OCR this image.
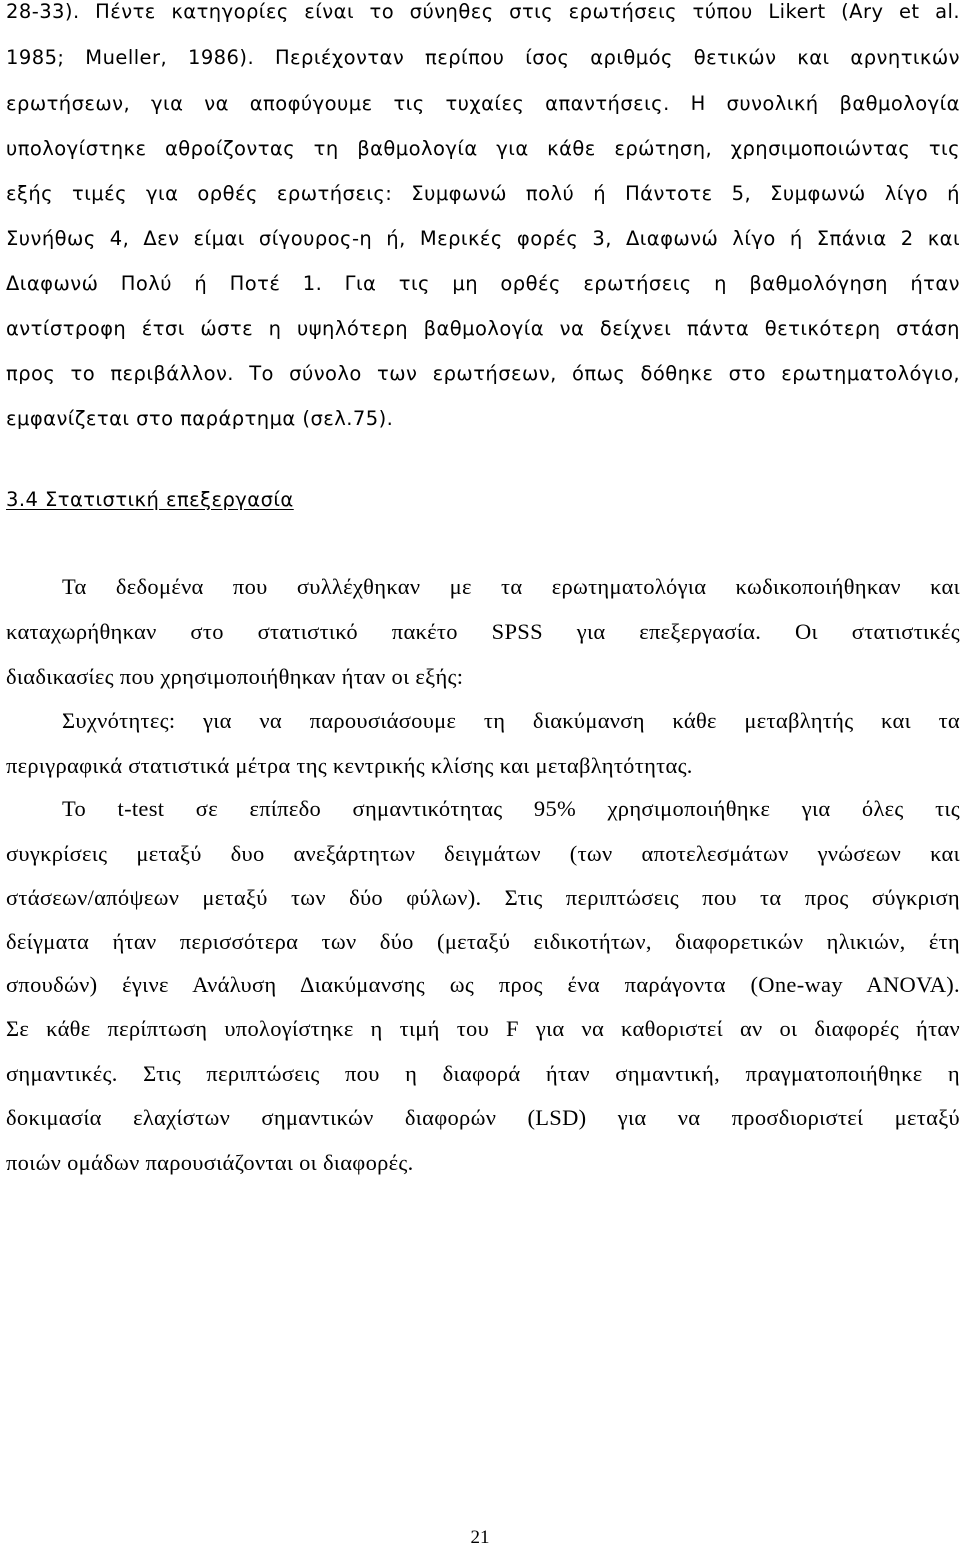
28-33). Πέντε κατηγορίες είναι το σύνηθες στις ερωτήσεις τύπου Likert (Ary et al.
1985; Mueller, 1986). Περιέχονταν περίπου ίσος αριθμός θετικών και αρνητικών
ερωτήσεων, για να αποφύγουμε τις τυχαίες απαντήσεις. Η συνολική βαθμολογία
υπολογίστηκε αθροίζοντας τη βαθμολογία για κάθε ερώτηση, χρησιμοποιώντας τις
εξής τιμές για ορθές ερωτήσεις: Συμφωνώ πολύ ή Πάντοτε 5, Συμφωνώ λίγο ή
Συνήθως 4, Δεν είμαι σίγουρος-η ή, Μερικές φορές 3, Διαφωνώ λίγο ή Σπάνια 2 και
Διαφωνώ Πολύ ή Ποτέ 1. Για τις μη ορθές ερωτήσεις η βαθμολόγηση ήταν
αντίστροφη έτσι ώστε η υψηλότερη βαθμολογία να δείχνει πάντα θετικότερη στάση
προς το περιβάλλον. Το σύνολο των ερωτήσεων, όπως δόθηκε στο ερωτηματολόγιο,
εμφανίζεται στο παράρτημα (σελ.75).
3.4 Στατιστική επεξεργασία
Τα δεδομένα που συλλέχθηκαν με τα ερωτηματολόγια κωδικοποιήθηκαν και
καταχωρήθηκαν στο στατιστικό πακέτο SPSS για επεξεργασία. Οι στατιστικές
διαδικασίες που χρησιμοποιήθηκαν ήταν οι εξής:
Συχνότητες: για να παρουσιάσουμε τη διακύμανση κάθε μεταβλητής και τα
περιγραφικά στατιστικά μέτρα της κεντρικής κλίσης και μεταβλητότητας.
Το t-test σε επίπεδο σημαντικότητας 95% χρησιμοποιήθηκε για όλες τις
συγκρίσεις μεταξύ δυο ανεξάρτητων δειγμάτων (των αποτελεσμάτων γνώσεων και
στάσεων/απόψεων μεταξύ των δύο φύλων). Στις περιπτώσεις που τα προς σύγκριση
δείγματα ήταν περισσότερα των δύο (μεταξύ ειδικοτήτων, διαφορετικών ηλικιών, έτη
σπουδών) έγινε Ανάλυση Διακύμανσης ως προς ένα παράγοντα (One-way ANOVA).
Σε κάθε περίπτωση υπολογίστηκε η τιμή του F για να καθοριστεί αν οι διαφορές ήταν
σημαντικές. Στις περιπτώσεις που η διαφορά ήταν σημαντική, πραγματοποιήθηκε η
δοκιμασία ελαχίστων σημαντικών διαφορών (LSD) για να προσδιοριστεί μεταξύ
ποιών ομάδων παρουσιάζονται οι διαφορές.
21
